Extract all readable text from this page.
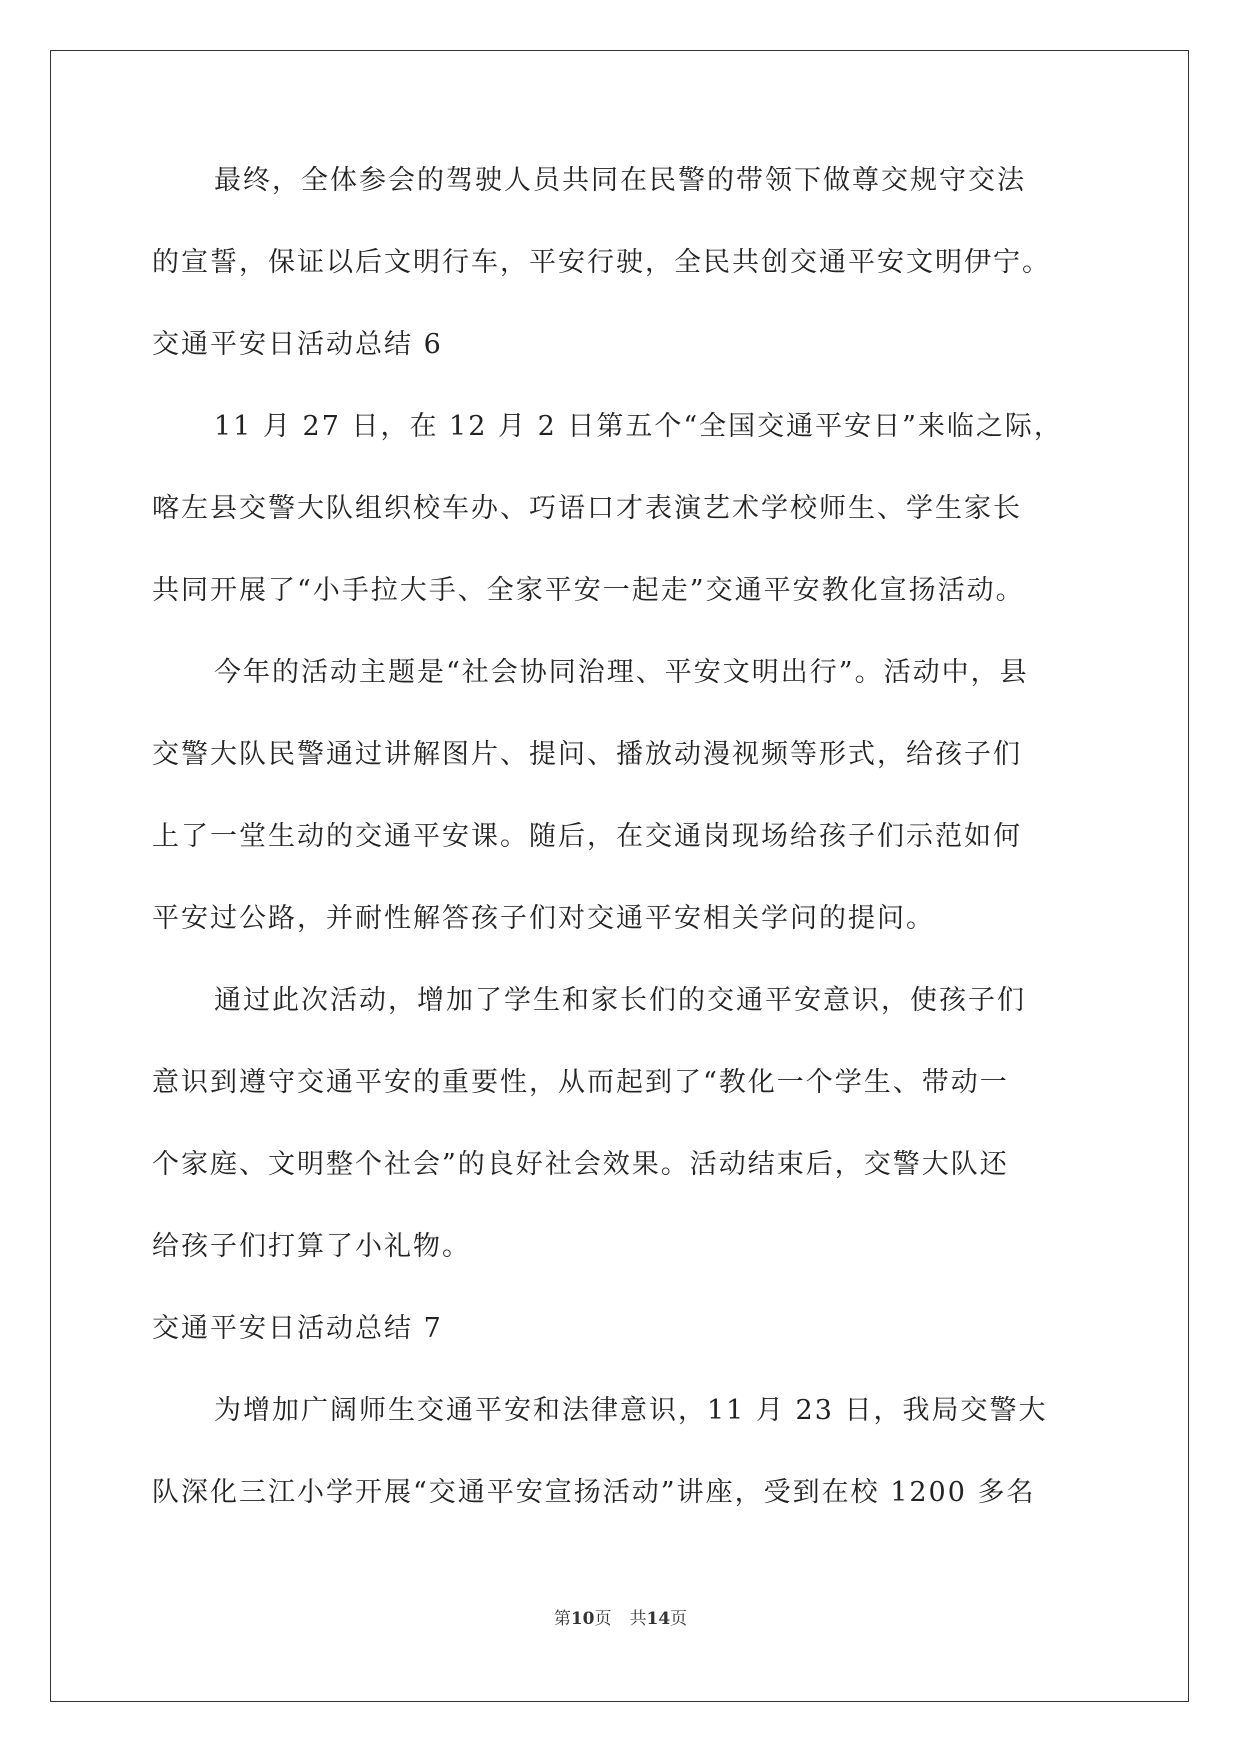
最终，全体参会的驾驶人员共同在民警的带领下做尊交规守交法
的宣誓，保证以后文明行车，平安行驶，全民共创交通平安文明伊宁。
交通平安日活动总结 6
11 月 27 日，在 12 月 2 日第五个“全国交通平安日”来临之际，
喀左县交警大队组织校车办、巧语口才表演艺术学校师生、学生家长
共同开展了“小手拉大手、全家平安一起走”交通平安教化宣扬活动。
今年的活动主题是“社会协同治理、平安文明出行”。活动中，县
交警大队民警通过讲解图片、提问、播放动漫视频等形式，给孩子们
上了一堂生动的交通平安课。随后，在交通岗现场给孩子们示范如何
平安过公路，并耐性解答孩子们对交通平安相关学问的提问。
通过此次活动，增加了学生和家长们的交通平安意识，使孩子们
意识到遵守交通平安的重要性，从而起到了“教化一个学生、带动一
个家庭、文明整个社会”的良好社会效果。活动结束后，交警大队还
给孩子们打算了小礼物。
交通平安日活动总结 7
为增加广阔师生交通平安和法律意识，11 月 23 日，我局交警大
队深化三江小学开展“交通平安宣扬活动”讲座，受到在校 1200 多名
第10页 共14页
